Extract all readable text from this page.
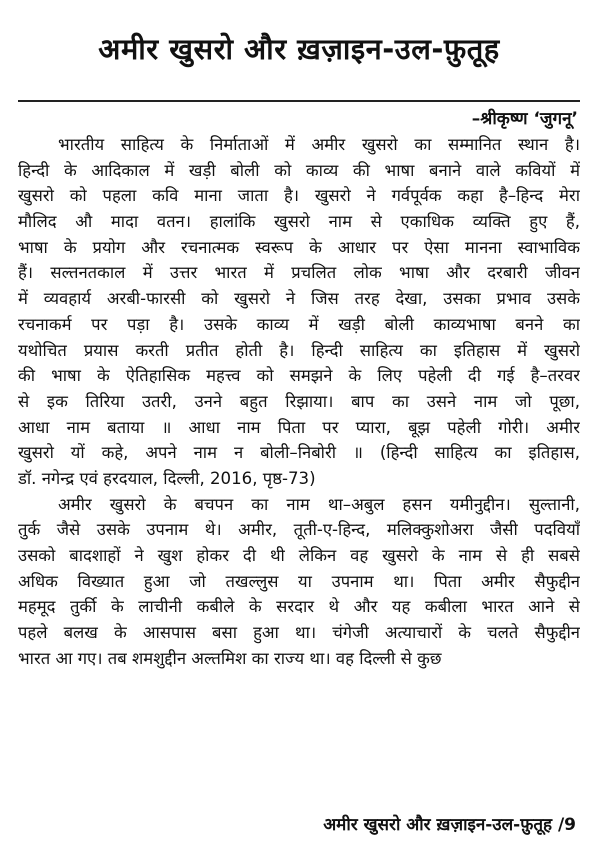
अमीर खुसरो और ख़ज़ाइन-उल-फ़ुतूह
–श्रीकृष्ण ‘जुगनू’
भारतीय साहित्य के निर्माताओं में अमीर खुसरो का सम्मानित स्थान है।
हिन्दी के आदिकाल में खड़ी बोली को काव्य की भाषा बनाने वाले कवियों में
खुसरो को पहला कवि माना जाता है। खुसरो ने गर्वपूर्वक कहा है–हिन्द मेरा
मौलिद औ मादा वतन। हालांकि खुसरो नाम से एकाधिक व्यक्ति हुए हैं,
भाषा के प्रयोग और रचनात्मक स्वरूप के आधार पर ऐसा मानना स्वाभाविक
हैं। सल्तनतकाल में उत्तर भारत में प्रचलित लोक भाषा और दरबारी जीवन
में व्यवहार्य अरबी-फारसी को खुसरो ने जिस तरह देखा, उसका प्रभाव उसके
रचनाकर्म पर पड़ा है। उसके काव्य में खड़ी बोली काव्यभाषा बनने का
यथोचित प्रयास करती प्रतीत होती है। हिन्दी साहित्य का इतिहास में खुसरो
की भाषा के ऐतिहासिक महत्त्व को समझने के लिए पहेली दी गई है–तरवर
से इक तिरिया उतरी, उनने बहुत रिझाया। बाप का उसने नाम जो पूछा,
आधा नाम बताया ॥ आधा नाम पिता पर प्यारा, बूझ पहेली गोरी। अमीर
खुसरो यों कहे, अपने नाम न बोली–निबोरी ॥ (हिन्दी साहित्य का इतिहास,
डॉ. नगेन्द्र एवं हरदयाल, दिल्ली, 2016, पृष्ठ-73)
अमीर खुसरो के बचपन का नाम था–अबुल हसन यमीनुद्दीन। सुल्तानी,
तुर्क जैसे उसके उपनाम थे। अमीर, तूती-ए-हिन्द, मलिक्कुशोअरा जैसी पदवियाँ
उसको बादशाहों ने खुश होकर दी थी लेकिन वह खुसरो के नाम से ही सबसे
अधिक विख्यात हुआ जो तखल्लुस या उपनाम था। पिता अमीर सैफुद्दीन
महमूद तुर्की के लाचीनी कबीले के सरदार थे और यह कबीला भारत आने से
पहले बलख के आसपास बसा हुआ था। चंगेजी अत्याचारों के चलते सैफुद्दीन
भारत आ गए। तब शमशुद्दीन अल्तमिश का राज्य था। वह दिल्ली से कुछ
अमीर खुसरो और ख़ज़ाइन-उल-फ़ुतूह /9
